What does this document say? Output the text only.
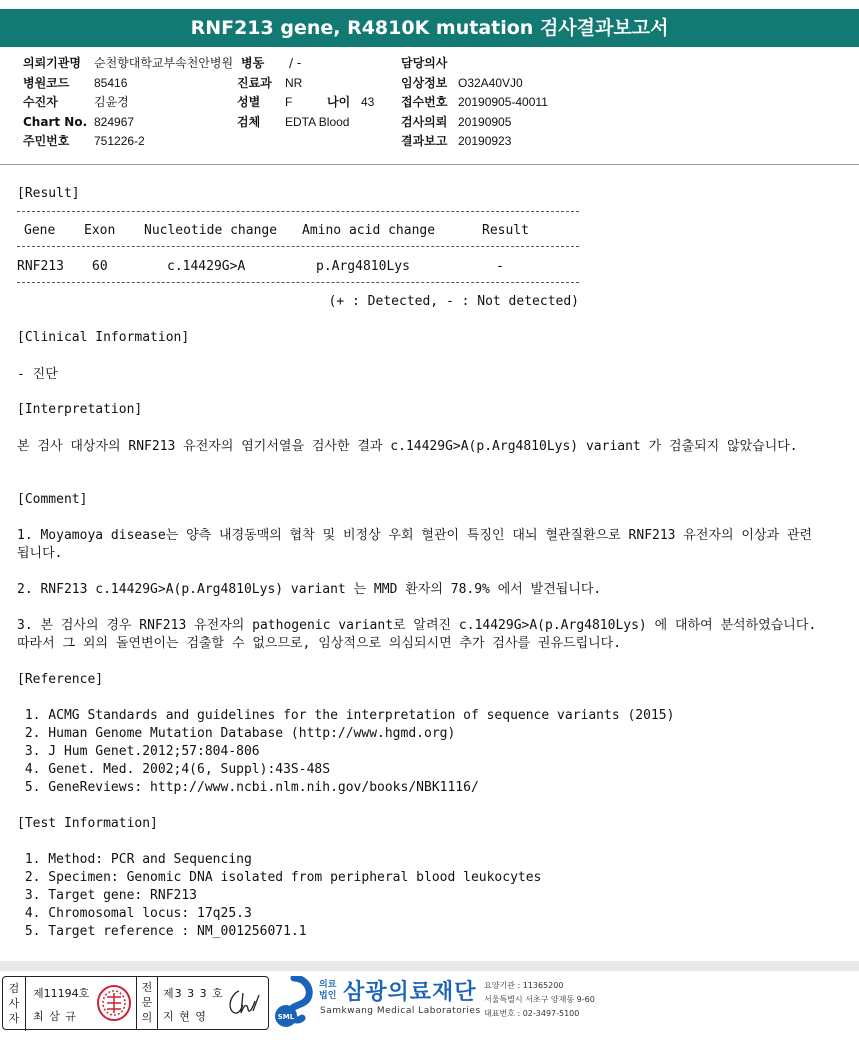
RNF213 gene, R4810K mutation 검사결과보고서
의뢰기관명 순천향대학교부속천안병원 병동 / -	담당의사
병원코드 85416	진료과 NR	임상정보 O32A40VJ0
수진자	김윤경	성별 F	나이 43 접수번호 20190905-40011
Chart No. 824967	검체 EDTA Blood	검사의뢰 20190905
주민번호 751226-2	결과보고 20190923
[Result]
Gene Exon Nucleotide change Amino acid change	Result
RNF213 60	c.14429G>A	p.Arg4810Lys	-
(+ : Detected, - : Not detected)
[Clinical Information]
- 진단
[Interpretation]
본 검사 대상자의 RNF213 유전자의 염기서열을 검사한 결과 c.14429G>A(p.Arg4810Lys) variant 가 검출되지 않았습니다.
[Comment]
1. Moyamoya disease는 양측 내경동맥의 협착 및 비정상 우회 혈관이 특징인 대뇌 혈관질환으로 RNF213 유전자의 이상과 관련됩니다.
2. RNF213 c.14429G>A(p.Arg4810Lys) variant 는 MMD 환자의 78.9% 에서 발견됩니다.
3. 본 검사의 경우 RNF213 유전자의 pathogenic variant로 알려진 c.14429G>A(p.Arg4810Lys) 에 대하여 분석하였습니다. 따라서 그 외의 돌연변이는 검출할 수 없으므로, 임상적으로 의심되시면 추가 검사를 권유드립니다.
[Reference]
1. ACMG Standards and guidelines for the interpretation of sequence variants (2015)
2. Human Genome Mutation Database (http://www.hgmd.org)
3. J Hum Genet.2012;57:804-806
4. Genet. Med. 2002;4(6, Suppl):43S-48S
5. GeneReviews: http://www.ncbi.nlm.nih.gov/books/NBK1116/
[Test Information]
1. Method: PCR and Sequencing
2. Specimen: Genomic DNA isolated from peripheral blood leukocytes
3. Target gene: RNF213
4. Chromosomal locus: 17q25.3
5. Target reference : NM_001256071.1
검사자
제11194호
최 삼 규
전문의
제3 3 3 호
지 현 영	SML
의료 법인 삼광의료재단
Samkwang Medical Laboratories
요양기관 : 11365200
서울특별시 서초구 양재동 9-60
대표번호 : 02-3497-5100
